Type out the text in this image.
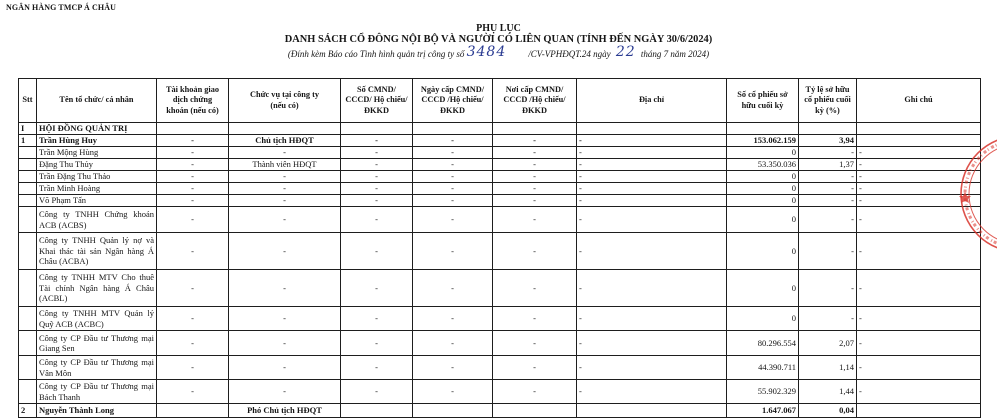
NGÂN HÀNG TMCP Á CHÂU
PHỤ LỤC
DANH SÁCH CỔ ĐÔNG NỘI BỘ VÀ NGƯỜI CÓ LIÊN QUAN (TÍNH ĐẾN NGÀY 30/6/2024)
(Đính kèm Báo cáo Tình hình quản trị công ty số 3484 /CV-VPHĐQT.24 ngày 22 tháng 7 năm 2024)
Stt	Tên tổ chức/ cá nhân	Tài khoản giao
dịch chứng
khoán (nếu có)	Chức vụ tại công ty
(nếu có)	Số CMND/
CCCD/ Hộ chiếu/
ĐKKD	Ngày cấp CMND/
CCCD /Hộ chiếu/
ĐKKD	Nơi cấp CMND/
CCCD /Hộ chiếu/
ĐKKD	Địa chỉ	Số cổ phiếu sở
hữu cuối kỳ	Tỷ lệ sở hữu
cổ phiếu cuối
kỳ (%)	Ghi chú
I	HỘI ĐỒNG QUẢN TRỊ									
1	Trần Hùng Huy	-	Chủ tịch HĐQT	-	-	-	-	153.062.159	3,94	
	Trần Mộng Hùng	-	-	-	-	-	-	0	-	-
	Đặng Thu Thủy	-	Thành viên HĐQT	-	-	-	-	53.350.036	1,37	-
	Trần Đặng Thu Thảo	-	-	-	-	-	-	0	-	-
	Trần Minh Hoàng	-	-	-	-	-	-	0	-	-
	Võ Phạm Tấn	-	-	-	-	-	-	0	-	-
	Công ty TNHH Chứng khoán ACB (ACBS)	-	-	-	-	-	-	0	-	-
	Công ty TNHH Quản lý nợ và Khai thác tài sản Ngân hàng Á Châu (ACBA)	-	-	-	-	-	-	0	-	-
	Công ty TNHH MTV Cho thuê Tài chính Ngân hàng Á Châu (ACBL)	-	-	-	-	-	-	0	-	-
	Công ty TNHH MTV Quản lý Quỹ ACB (ACBC)	-	-	-	-	-	-	0	-	-
	Công ty CP Đầu tư Thương mại Giang Sen	-	-	-	-	-	-	80.296.554	2,07	-
	Công ty CP Đầu tư Thương mại Vân Môn	-	-	-	-	-	-	44.390.711	1,14	-
	Công ty CP Đầu tư Thương mại Bách Thanh	-	-	-	-	-	-	55.902.329	1,44	-
2	Nguyễn Thành Long		Phó Chủ tịch HĐQT					1.647.067	0,04	
